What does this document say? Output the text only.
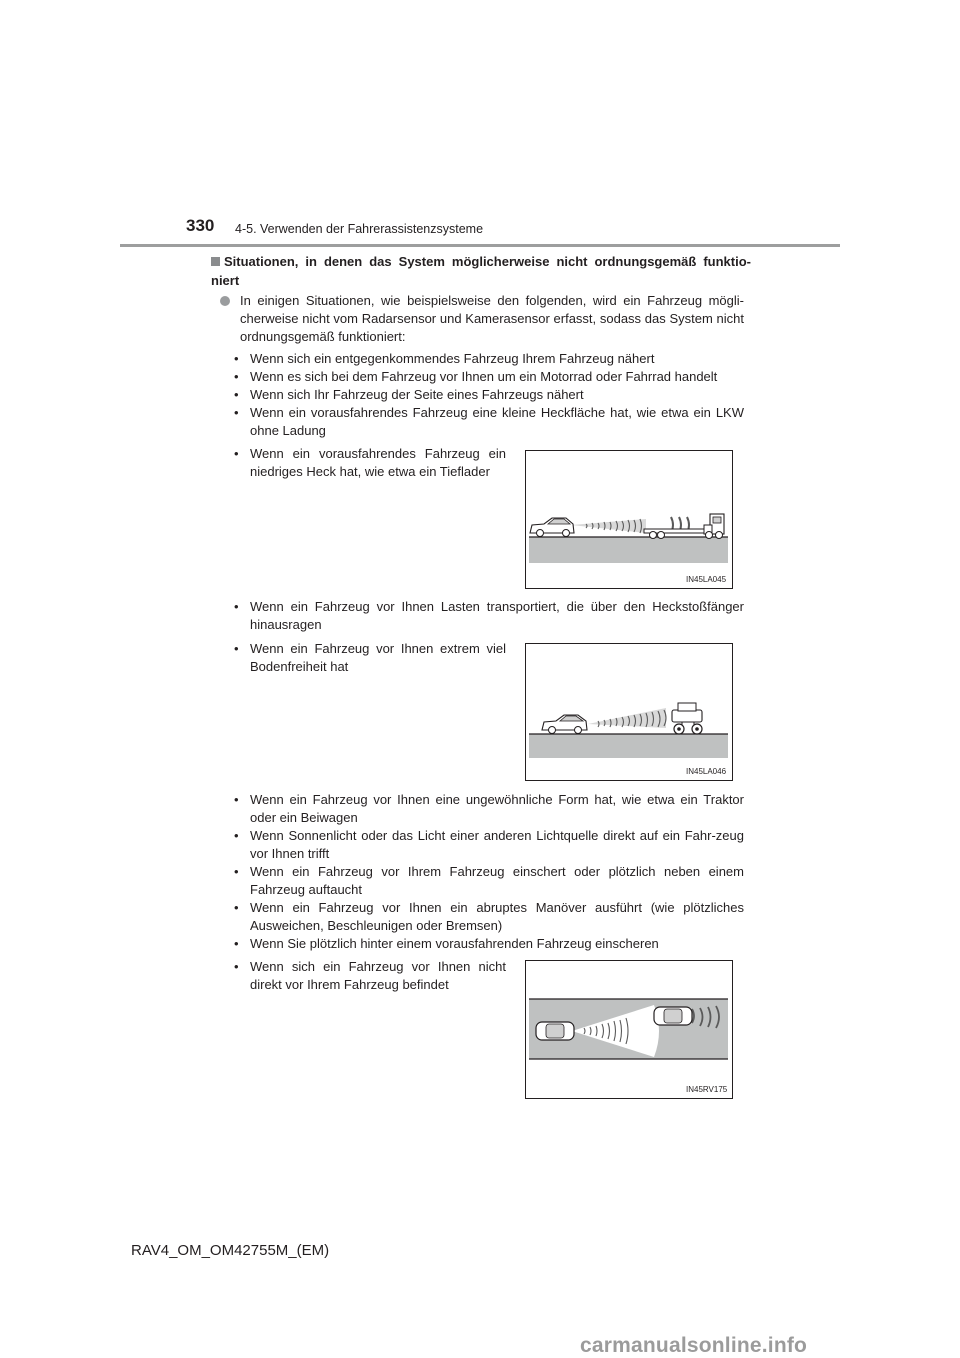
330 4-5. Verwenden der Fahrerassistenzsysteme
Situationen, in denen das System möglicherweise nicht ordnungsgemäß funktio-niert
In einigen Situationen, wie beispielsweise den folgenden, wird ein Fahrzeug mögli-cherweise nicht vom Radarsensor und Kamerasensor erfasst, sodass das System nicht ordnungsgemäß funktioniert:
• Wenn sich ein entgegenkommendes Fahrzeug Ihrem Fahrzeug nähert
• Wenn es sich bei dem Fahrzeug vor Ihnen um ein Motorrad oder Fahrrad handelt
• Wenn sich Ihr Fahrzeug der Seite eines Fahrzeugs nähert
• Wenn ein vorausfahrendes Fahrzeug eine kleine Heckfläche hat, wie etwa ein LKW ohne Ladung
• Wenn ein vorausfahrendes Fahrzeug ein niedriges Heck hat, wie etwa ein Tieflader
IN45LA045
• Wenn ein Fahrzeug vor Ihnen Lasten transportiert, die über den Heckstoßfänger hinausragen
• Wenn ein Fahrzeug vor Ihnen extrem viel Bodenfreiheit hat
IN45LA046
• Wenn ein Fahrzeug vor Ihnen eine ungewöhnliche Form hat, wie etwa ein Traktor oder ein Beiwagen
• Wenn Sonnenlicht oder das Licht einer anderen Lichtquelle direkt auf ein Fahr-zeug vor Ihnen trifft
• Wenn ein Fahrzeug vor Ihrem Fahrzeug einschert oder plötzlich neben einem Fahrzeug auftaucht
• Wenn ein Fahrzeug vor Ihnen ein abruptes Manöver ausführt (wie plötzliches Ausweichen, Beschleunigen oder Bremsen)
• Wenn Sie plötzlich hinter einem vorausfahrenden Fahrzeug einscheren
• Wenn sich ein Fahrzeug vor Ihnen nicht direkt vor Ihrem Fahrzeug befindet
IN45RV175
RAV4_OM_OM42755M_(EM)
carmanualsonline.info
